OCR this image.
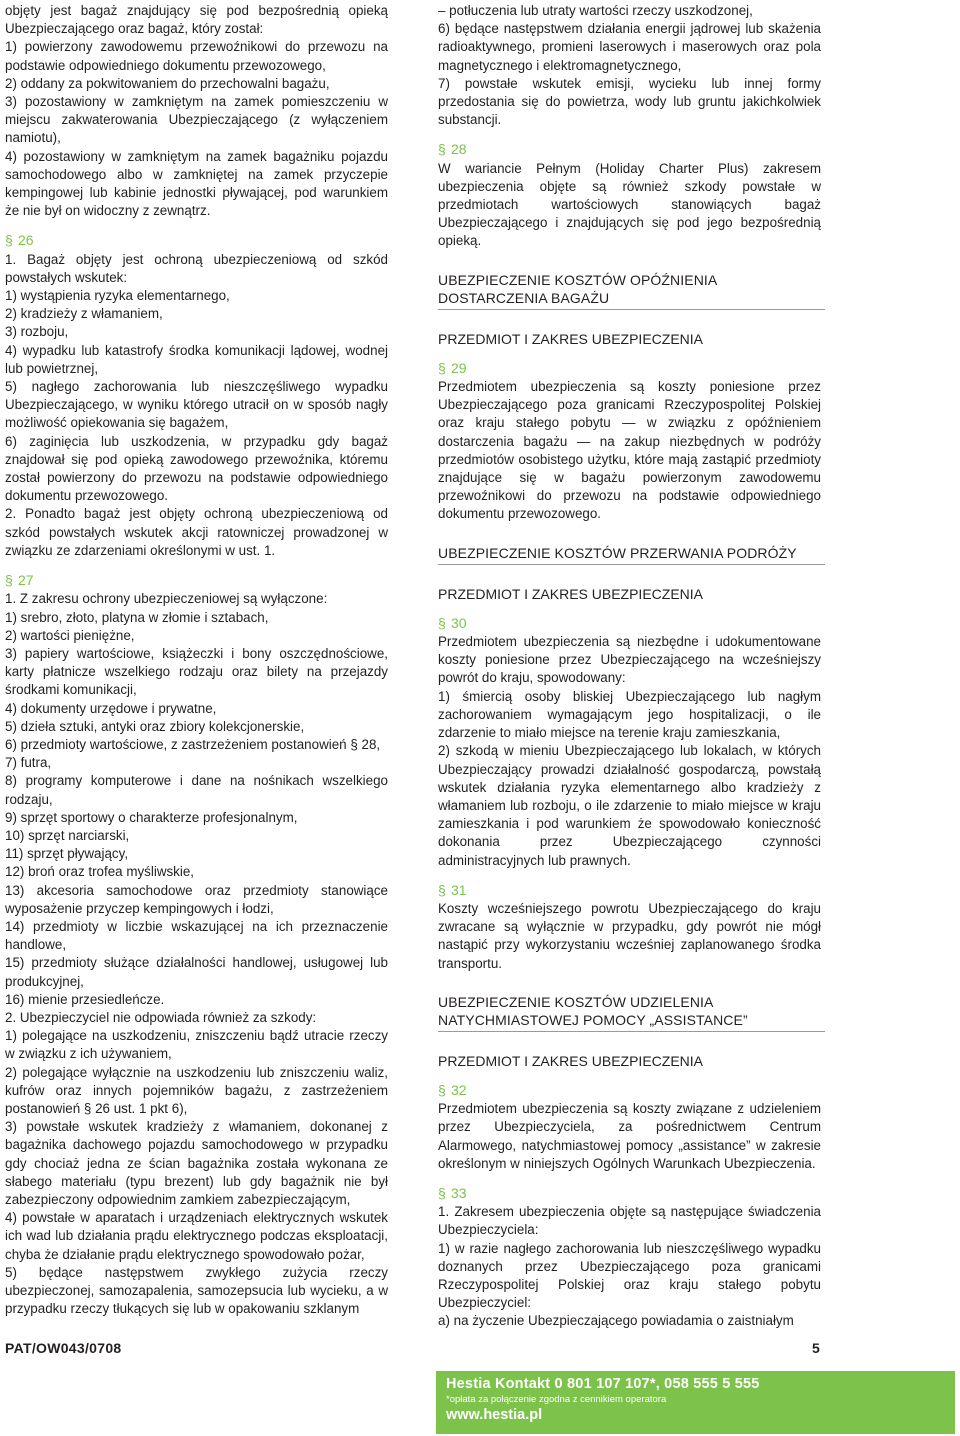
objęty jest bagaż znajdujący się pod bezpośrednią opieką Ubezpieczającego oraz bagaż, który został:

1) powierzony zawodowemu przewoźnikowi do przewozu na podstawie odpowiedniego dokumentu przewozowego,

2) oddany za pokwitowaniem do przechowalni bagażu,

3) pozostawiony w zamkniętym na zamek pomieszczeniu w miejscu zakwaterowania Ubezpieczającego (z wyłączeniem namiotu),

4) pozostawiony w zamkniętym na zamek bagażniku pojazdu samochodowego albo w zamkniętej na zamek przyczepie kempingowej lub kabinie jednostki pływającej, pod warunkiem że nie był on widoczny z zewnątrz.

§ 26

1. Bagaż objęty jest ochroną ubezpieczeniową od szkód powstałych wskutek:

1) wystąpienia ryzyka elementarnego,

2) kradzieży z włamaniem,

3) rozboju,

4) wypadku lub katastrofy środka komunikacji lądowej, wodnej lub powietrznej,

5) nagłego zachorowania lub nieszczęśliwego wypadku Ubezpieczającego, w wyniku którego utracił on w sposób nagły możliwość opiekowania się bagażem,

6) zaginięcia lub uszkodzenia, w przypadku gdy bagaż znajdował się pod opieką zawodowego przewoźnika, któremu został powierzony do przewozu na podstawie odpowiedniego dokumentu przewozowego.

2. Ponadto bagaż jest objęty ochroną ubezpieczeniową od szkód powstałych wskutek akcji ratowniczej prowadzonej w związku ze zdarzeniami określonymi w ust. 1.

§ 27

1. Z zakresu ochrony ubezpieczeniowej są wyłączone:

1) srebro, złoto, platyna w złomie i sztabach,

2) wartości pieniężne,

3) papiery wartościowe, książeczki i bony oszczędnościowe, karty płatnicze wszelkiego rodzaju oraz bilety na przejazdy środkami komunikacji,

4) dokumenty urzędowe i prywatne,

5) dzieła sztuki, antyki oraz zbiory kolekcjonerskie,

6) przedmioty wartościowe, z zastrzeżeniem postanowień § 28,

7) futra,

8) programy komputerowe i dane na nośnikach wszelkiego rodzaju,

9) sprzęt sportowy o charakterze profesjonalnym,

10) sprzęt narciarski,

11) sprzęt pływający,

12) broń oraz trofea myśliwskie,

13) akcesoria samochodowe oraz przedmioty stanowiące wyposażenie przyczep kempingowych i łodzi,

14) przedmioty w liczbie wskazującej na ich przeznaczenie handlowe,

15) przedmioty służące działalności handlowej, usługowej lub produkcyjnej,

16) mienie przesiedleńcze.

2. Ubezpieczyciel nie odpowiada również za szkody:

1) polegające na uszkodzeniu, zniszczeniu bądź utracie rzeczy w związku z ich używaniem,

2) polegające wyłącznie na uszkodzeniu lub zniszczeniu waliz, kufrów oraz innych pojemników bagażu, z zastrzeżeniem postanowień § 26 ust. 1 pkt 6),

3) powstałe wskutek kradzieży z włamaniem, dokonanej z bagażnika dachowego pojazdu samochodowego w przypadku gdy chociaż jedna ze ścian bagażnika została wykonana ze słabego materiału (typu brezent) lub gdy bagażnik nie był zabezpieczony odpowiednim zamkiem zabezpieczającym,

4) powstałe w aparatach i urządzeniach elektrycznych wskutek ich wad lub działania prądu elektrycznego podczas eksploatacji, chyba że działanie prądu elektrycznego spowodowało pożar,

5) będące następstwem zwykłego zużycia rzeczy ubezpieczonej, samozapalenia, samozepsucia lub wycieku, a w przypadku rzeczy tłukących się lub w opakowaniu szklanym

– potłuczenia lub utraty wartości rzeczy uszkodzonej,

6) będące następstwem działania energii jądrowej lub skażenia radioaktywnego, promieni laserowych i maserowych oraz pola magnetycznego i elektromagnetycznego,

7) powstałe wskutek emisji, wycieku lub innej formy przedostania się do powietrza, wody lub gruntu jakichkolwiek substancji.

§ 28

W wariancie Pełnym (Holiday Charter Plus) zakresem ubezpieczenia objęte są również szkody powstałe w przedmiotach wartościowych stanowiących bagaż Ubezpieczającego i znajdujących się pod jego bezpośrednią opieką.

UBEZPIECZENIE KOSZTÓW OPÓŹNIENIA DOSTARCZENIA BAGAŻU
PRZEDMIOT I ZAKRES UBEZPIECZENIA
§ 29

Przedmiotem ubezpieczenia są koszty poniesione przez Ubezpieczającego poza granicami Rzeczypospolitej Polskiej oraz kraju stałego pobytu — w związku z opóźnieniem dostarczenia bagażu — na zakup niezbędnych w podróży przedmiotów osobistego użytku, które mają zastąpić przedmioty znajdujące się w bagażu powierzonym zawodowemu przewoźnikowi do przewozu na podstawie odpowiedniego dokumentu przewozowego.

UBEZPIECZENIE KOSZTÓW PRZERWANIA PODRÓŻY
PRZEDMIOT I ZAKRES UBEZPIECZENIA
§ 30

Przedmiotem ubezpieczenia są niezbędne i udokumentowane koszty poniesione przez Ubezpieczającego na wcześniejszy powrót do kraju, spowodowany:

1) śmiercią osoby bliskiej Ubezpieczającego lub nagłym zachorowaniem wymagającym jego hospitalizacji, o ile zdarzenie to miało miejsce na terenie kraju zamieszkania,

2) szkodą w mieniu Ubezpieczającego lub lokalach, w których Ubezpieczający prowadzi działalność gospodarczą, powstałą wskutek działania ryzyka elementarnego albo kradzieży z włamaniem lub rozboju, o ile zdarzenie to miało miejsce w kraju zamieszkania i pod warunkiem że spowodowało konieczność dokonania przez Ubezpieczającego czynności administracyjnych lub prawnych.

§ 31

Koszty wcześniejszego powrotu Ubezpieczającego do kraju zwracane są wyłącznie w przypadku, gdy powrót nie mógł nastąpić przy wykorzystaniu wcześniej zaplanowanego środka transportu.

UBEZPIECZENIE KOSZTÓW UDZIELENIA NATYCHMIASTOWEJ POMOCY „ASSISTANCE”
PRZEDMIOT I ZAKRES UBEZPIECZENIA
§ 32

Przedmiotem ubezpieczenia są koszty związane z udzieleniem przez Ubezpieczyciela, za pośrednictwem Centrum Alarmowego, natychmiastowej pomocy „assistance” w zakresie określonym w niniejszych Ogólnych Warunkach Ubezpieczenia.

§ 33

1. Zakresem ubezpieczenia objęte są następujące świadczenia Ubezpieczyciela:

1) w razie nagłego zachorowania lub nieszczęśliwego wypadku doznanych przez Ubezpieczającego poza granicami Rzeczypospolitej Polskiej oraz kraju stałego pobytu Ubezpieczyciel:

a) na życzenie Ubezpieczającego powiadamia o zaistniałym

PAT/OW043/0708	5
Hestia Kontakt 0 801 107 107*, 058 555 5 555
*opłata za połączenie zgodna z cennikiem operatora
www.hestia.pl
